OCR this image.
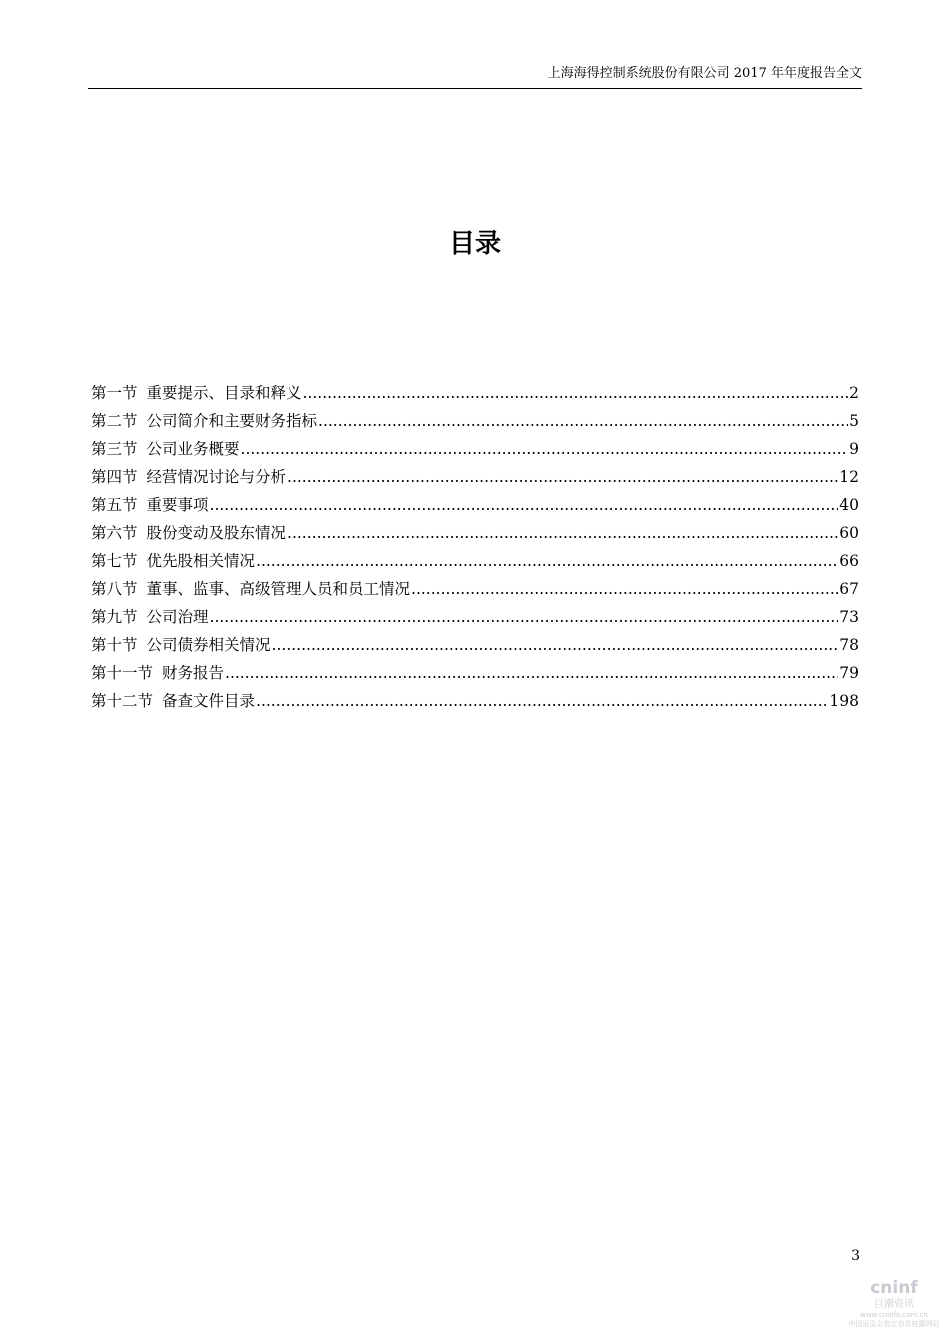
上海海得控制系统股份有限公司 2017 年年度报告全文
目录
第一节 重要提示、目录和释义 .....	2
第二节 公司简介和主要财务指标 .....	5
第三节 公司业务概要 .....	9
第四节 经营情况讨论与分析 .....	12
第五节 重要事项 .....	40
第六节 股份变动及股东情况 .....	60
第七节 优先股相关情况 .....	66
第八节 董事、监事、高级管理人员和员工情况 .....	67
第九节 公司治理 .....	73
第十节 公司债券相关情况 .....	78
第十一节 财务报告 .....	79
第十二节 备查文件目录 .....	198
3
cninf
巨潮资讯
www.cninfo.com.cn
中国证监会指定信息披露网站
